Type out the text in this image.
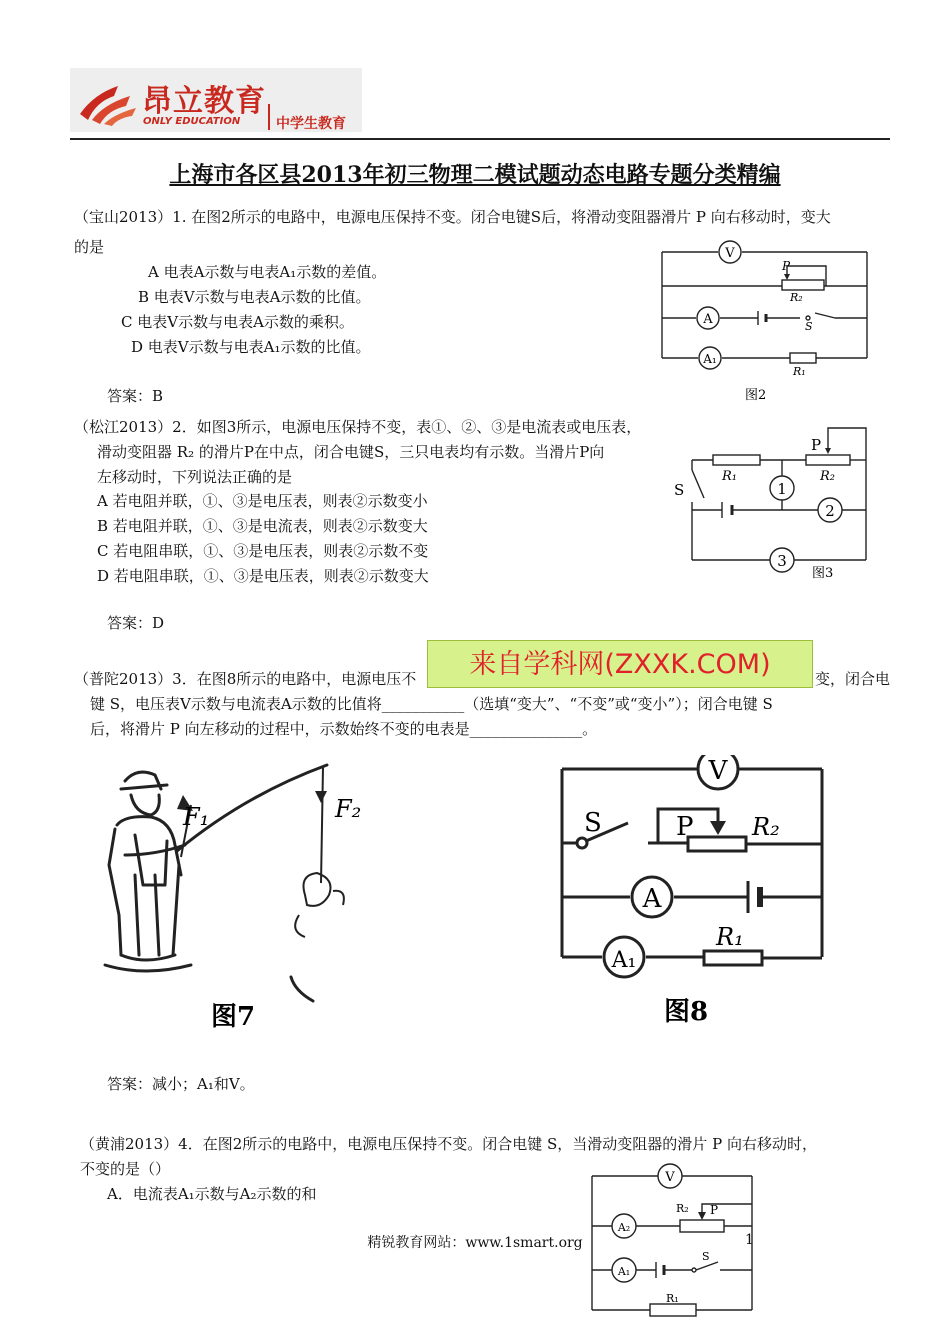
昂立教育
ONLY EDUCATION	中学生教育
上海市各区县2013年初三物理二模试题动态电路专题分类精编
（宝山2013）1. 在图2所示的电路中，电源电压保持不变。闭合电键S后，将滑动变阻器滑片 P 向右移动时，变大
的是
A 电表A示数与电表A₁示数的差值。
B 电表V示数与电表A示数的比值。
C 电表V示数与电表A示数的乘积。
D 电表V示数与电表A₁示数的比值。
答案：B
V
A
A₁
P
R₂
S
R₁
图2
（松江2013）2．如图3所示，电源电压保持不变，表①、②、③是电流表或电压表，
滑动变阻器 R₂ 的滑片P在中点，闭合电键S，三只电表均有示数。当滑片P向
左移动时，下列说法正确的是
A 若电阻并联，①、③是电压表，则表②示数变小
B 若电阻并联，①、③是电流表，则表②示数变大
C 若电阻串联，①、③是电压表，则表②示数不变
D 若电阻串联，①、③是电压表，则表②示数变大
答案：D
P
R₁	R₂
S	1
2
3
图3
来自学科网(ZXXK.COM)
（普陀2013）3．在图8所示的电路中，电源电压不	变，闭合电
键 S，电压表V示数与电流表A示数的比值将___________（选填“变大”、“不变”或“变小”）；闭合电键 S
后，将滑片 P 向左移动的过程中，示数始终不变的电表是_______________。
F₁	F₂
图7
V
A
A₁
S	P R₂
R₁
图8
答案：减小；A₁和V。
（黄浦2013）4．在图2所示的电路中，电源电压保持不变。闭合电键 S，当滑动变阻器的滑片 P 向右移动时，
不变的是（）
A．电流表A₁示数与A₂示数的和
V
A₂
A₁
R₂ P
S
R₁
精锐教育网站：www.1smart.org	1
